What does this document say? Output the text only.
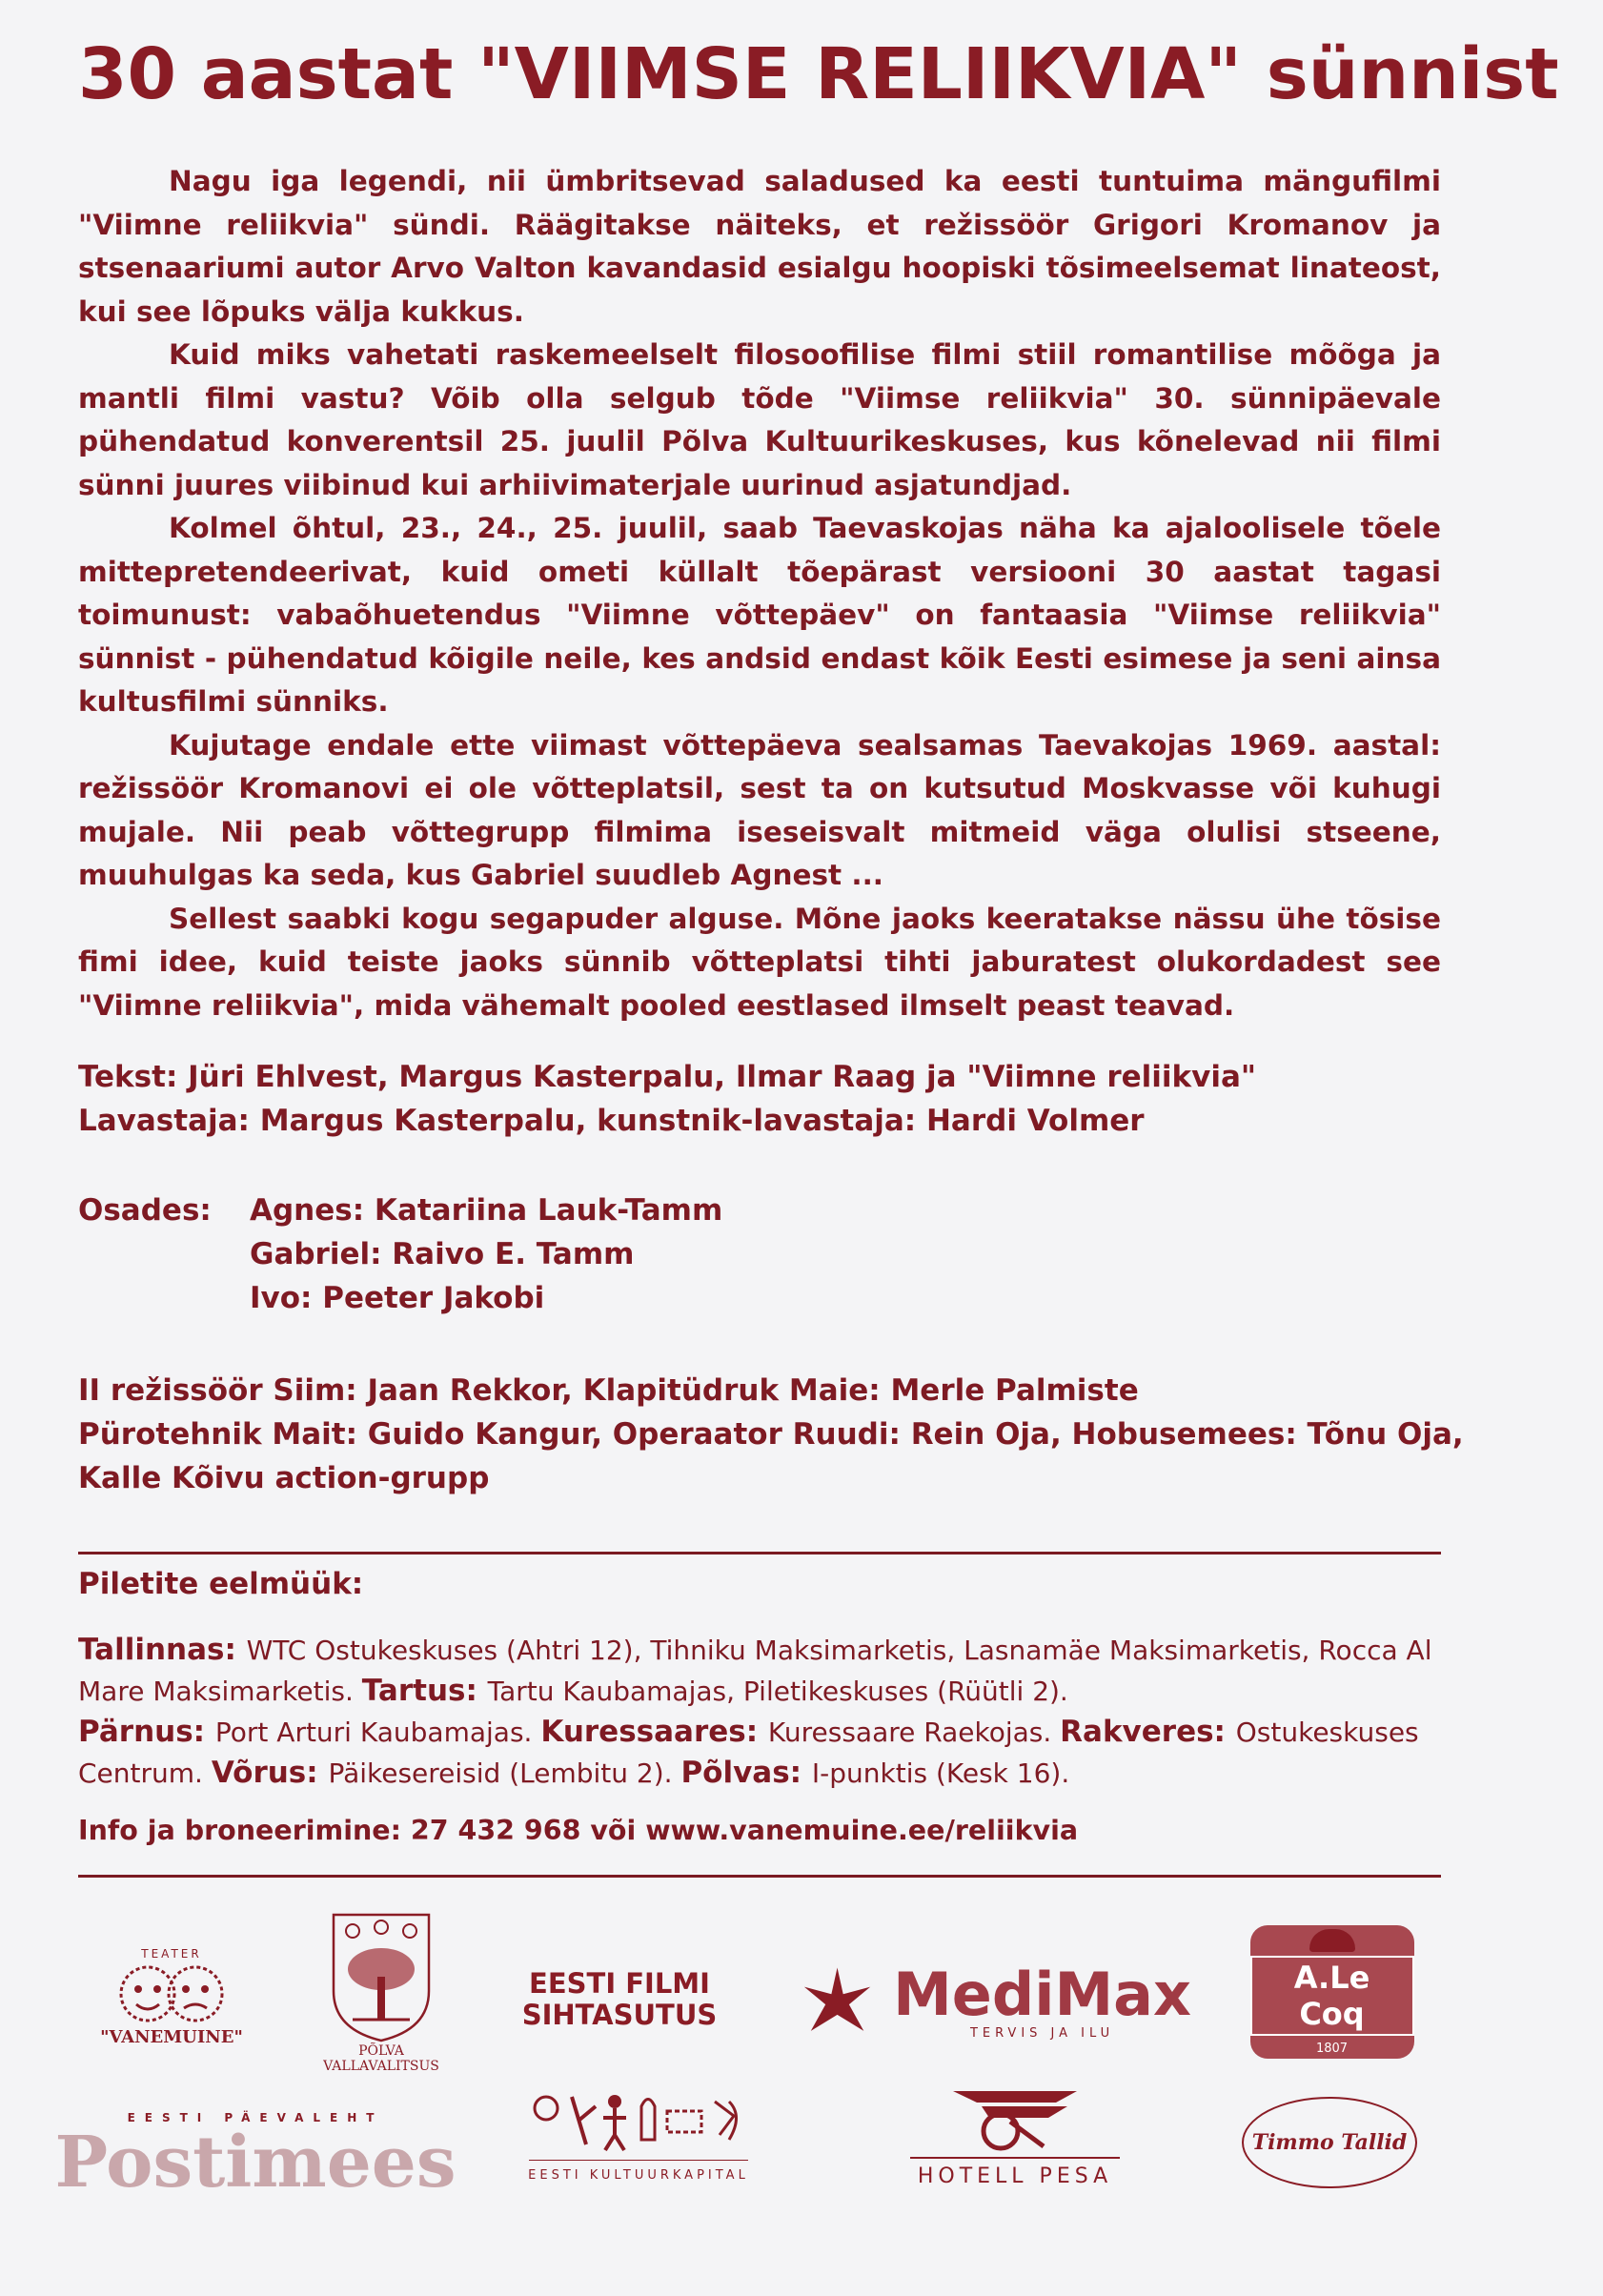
30 aastat "VIIMSE RELIIKVIA" sünnist

Nagu iga legendi, nii ümbritsevad saladused ka eesti tuntuima mängufilmi "Viimne reliikvia" sündi. Räägitakse näiteks, et režissöör Grigori Kromanov ja stsenaariumi autor Arvo Valton kavandasid esialgu hoopiski tõsimeelsemat linateost, kui see lõpuks välja kukkus.

Kuid miks vahetati raskemeelselt filosoofilise filmi stiil romantilise mõõga ja mantli filmi vastu? Võib olla selgub tõde "Viimse reliikvia" 30. sünnipäevale pühendatud konverentsil 25. juulil Põlva Kultuurikeskuses, kus kõnelevad nii filmi sünni juures viibinud kui arhiivimaterjale uurinud asjatundjad.

Kolmel õhtul, 23., 24., 25. juulil, saab Taevaskojas näha ka ajaloolisele tõele mittepretendeerivat, kuid ometi küllalt tõepärast versiooni 30 aastat tagasi toimunust: vabaõhuetendus "Viimne võttepäev" on fantaasia "Viimse reliikvia" sünnist - pühendatud kõigile neile, kes andsid endast kõik Eesti esimese ja seni ainsa kultusfilmi sünniks.

Kujutage endale ette viimast võttepäeva sealsamas Taevakojas 1969. aastal: režissöör Kromanovi ei ole võtteplatsil, sest ta on kutsutud Moskvasse või kuhugi mujale. Nii peab võttegrupp filmima iseseisvalt mitmeid väga olulisi stseene, muuhulgas ka seda, kus Gabriel suudleb Agnest ...

Sellest saabki kogu segapuder alguse. Mõne jaoks keeratakse nässu ühe tõsise fimi idee, kuid teiste jaoks sünnib võtteplatsi tihti jaburatest olukordadest see "Viimne reliikvia", mida vähemalt pooled eestlased ilmselt peast teavad.

Tekst: Jüri Ehlvest, Margus Kasterpalu, Ilmar Raag ja "Viimne reliikvia"
Lavastaja: Margus Kasterpalu, kunstnik-lavastaja: Hardi Volmer
Osades: Agnes: Katariina Lauk-Tamm
Gabriel: Raivo E. Tamm
Ivo: Peeter Jakobi
II režissöör Siim: Jaan Rekkor, Klapitüdruk Maie: Merle Palmiste
Pürotehnik Mait: Guido Kangur, Operaator Ruudi: Rein Oja, Hobusemees: Tõnu Oja,
Kalle Kõivu action-grupp
Piletite eelmüük:
Tallinnas: WTC Ostukeskuses (Ahtri 12), Tihniku Maksimarketis, Lasnamäe Maksimarketis, Rocca Al Mare Maksimarketis. Tartus: Tartu Kaubamajas, Piletikeskuses (Rüütli 2).
Pärnus: Port Arturi Kaubamajas. Kuressaares: Kuressaare Raekojas. Rakveres: Ostukeskuses Centrum. Võrus: Päikesereisid (Lembitu 2). Põlvas: I-punktis (Kesk 16).
Info ja broneerimine: 27 432 968 või www.vanemuine.ee/reliikvia
TEATER
"VANEMUINE"
PÕLVA
VALLAVALITSUS
EESTI FILMI
SIHTASUTUS	MediMax
TERVIS JA ILU
A.Le Coq
1807
EESTI PÄEVALEHT
Postimees	EESTI KULTUURKAPITAL	HOTELL PESA
Timmo Tallid
